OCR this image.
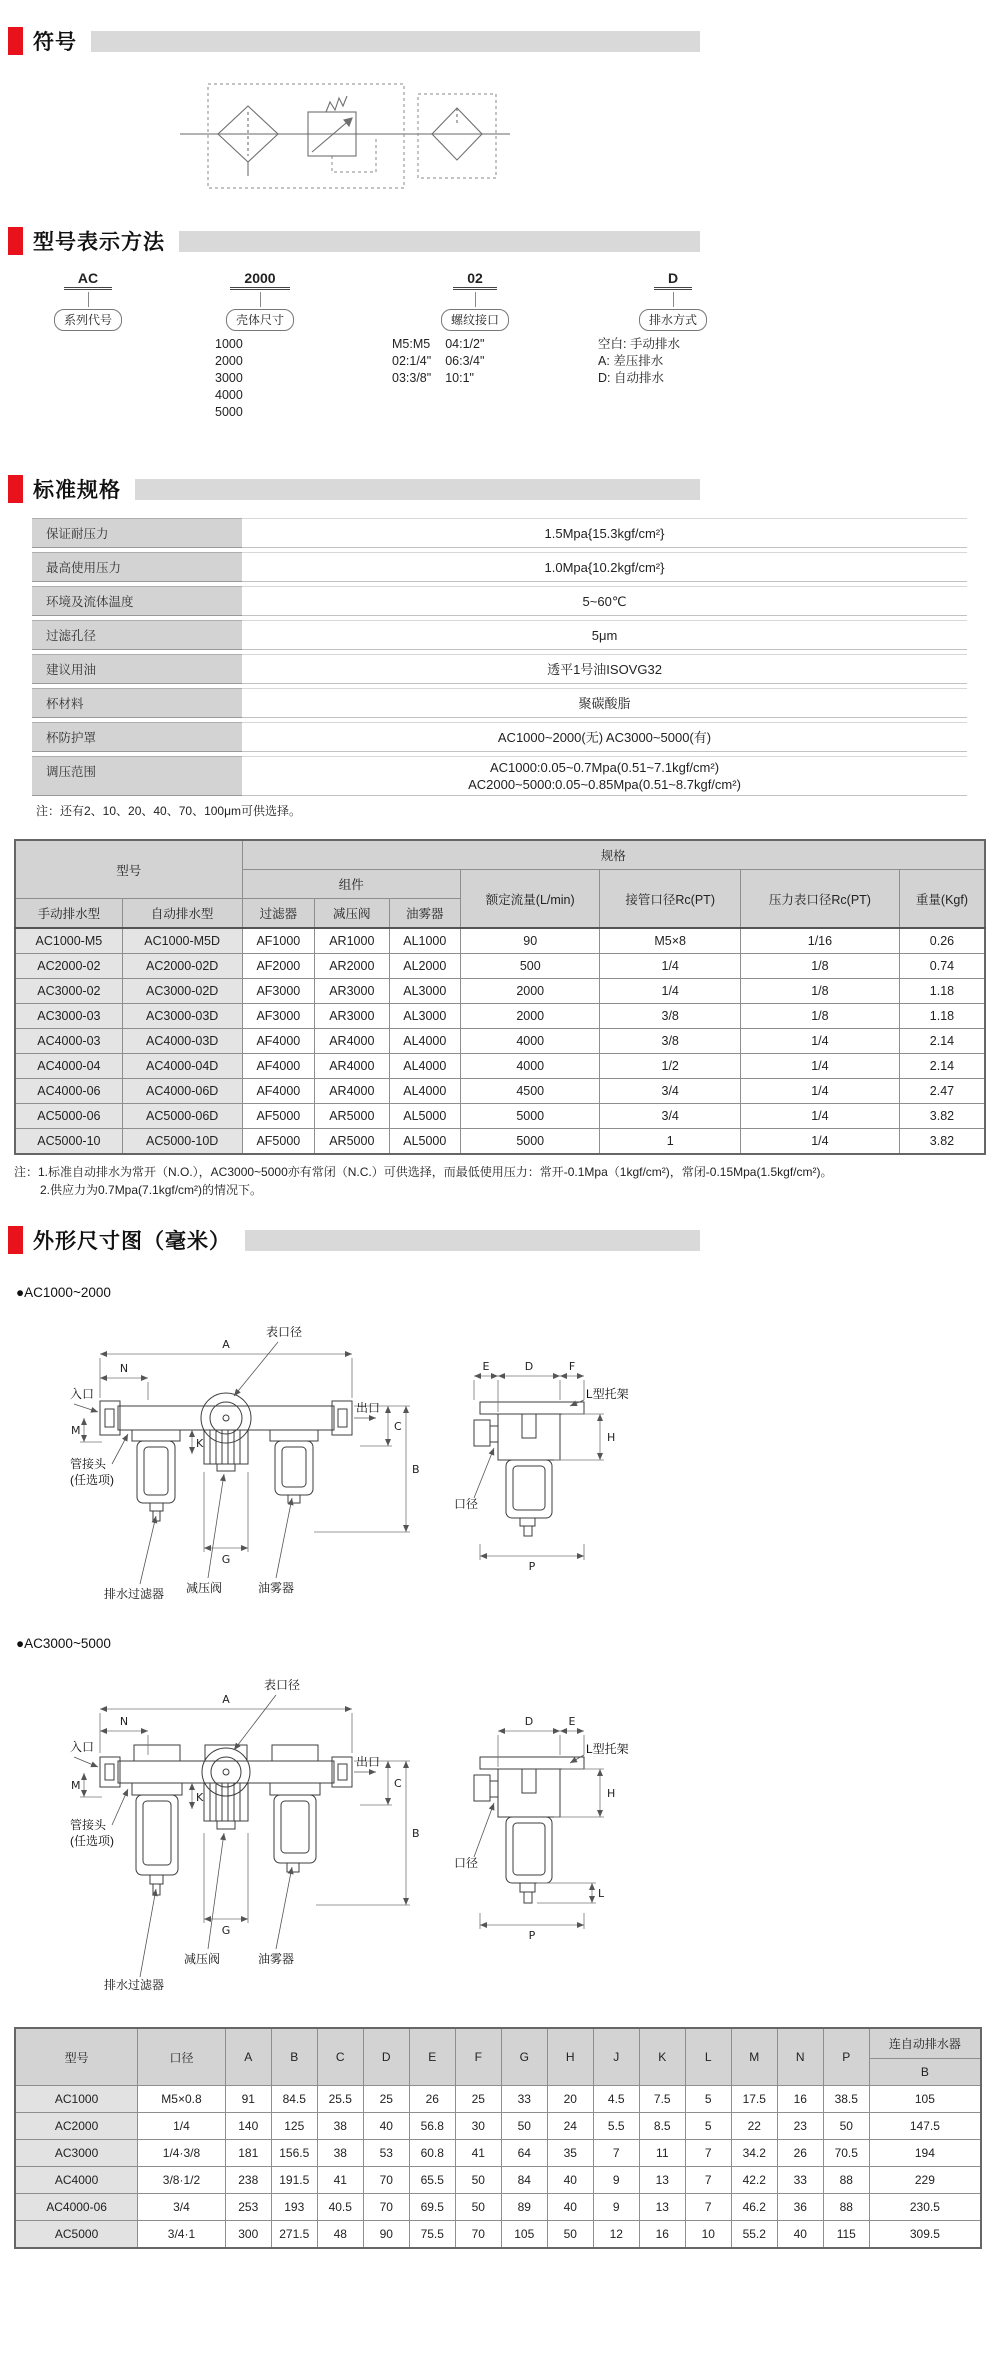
符号
型号表示方法
AC
系列代号
2000
壳体尺寸
1000
2000
3000
4000
5000
02
螺纹接口
M5:M5
02:1/4"
03:3/8"
04:1/2"
06:3/4"
10:1"
D
排水方式
空白: 手动排水
A: 差压排水
D: 自动排水
标准规格
保证耐压力	1.5Mpa{15.3kgf/cm²}
最高使用压力	1.0Mpa{10.2kgf/cm²}
环境及流体温度	5~60℃
过滤孔径	5μm
建议用油	透平1号油ISOVG32
杯材料	聚碳酸脂
杯防护罩	AC1000~2000(无) AC3000~5000(有)
调压范围	AC1000:0.05~0.7Mpa(0.51~7.1kgf/cm²)
AC2000~5000:0.05~0.85Mpa(0.51~8.7kgf/cm²)
注：还有2、10、20、40、70、100μm可供选择。
型号		规格						
		组件			额定流量(L/min)	接管口径Rc(PT)	压力表口径Rc(PT)	重量(Kgf)
手动排水型	自动排水型	过滤器	减压阀	油雾器				
AC1000-M5	AC1000-M5D	AF1000	AR1000	AL1000	90	M5×8	1/16	0.26
AC2000-02	AC2000-02D	AF2000	AR2000	AL2000	500	1/4	1/8	0.74
AC3000-02	AC3000-02D	AF3000	AR3000	AL3000	2000	1/4	1/8	1.18
AC3000-03	AC3000-03D	AF3000	AR3000	AL3000	2000	3/8	1/8	1.18
AC4000-03	AC4000-03D	AF4000	AR4000	AL4000	4000	3/8	1/4	2.14
AC4000-04	AC4000-04D	AF4000	AR4000	AL4000	4000	1/2	1/4	2.14
AC4000-06	AC4000-06D	AF4000	AR4000	AL4000	4500	3/4	1/4	2.47
AC5000-06	AC5000-06D	AF5000	AR5000	AL5000	5000	3/4	1/4	3.82
AC5000-10	AC5000-10D	AF5000	AR5000	AL5000	5000	1	1/4	3.82
注：1.标准自动排水为常开（N.O.），AC3000~5000亦有常闭（N.C.）可供选择，而最低使用压力：常开-0.1Mpa（1kgf/cm²)，常闭-0.15Mpa(1.5kgf/cm²)。
2.供应力为0.7Mpa(7.1kgf/cm²)的情况下。
外形尺寸图（毫米）
●AC1000~2000
A
N
表口径
C
B
M
K
G
入口
出口
管接头
(任选项)
排水过滤器 减压阀	油雾器
E	D	F
L型托架
H
口径
P
●AC3000~5000
A
N
表口径
C
B
M
K
G
入口
出口
管接头
(任选项)
排水过滤器
减压阀	油雾器
D	E
L型托架
H
L
口径
P
型号	口径	A	B	C	D	E	F	G	H	J	K	L	M	N	P	连自动排水器
																B
AC1000	M5×0.8	91	84.5	25.5	25	26	25	33	20	4.5	7.5	5	17.5	16	38.5	105
AC2000	1/4	140	125	38	40	56.8	30	50	24	5.5	8.5	5	22	23	50	147.5
AC3000	1/4·3/8	181	156.5	38	53	60.8	41	64	35	7	11	7	34.2	26	70.5	194
AC4000	3/8·1/2	238	191.5	41	70	65.5	50	84	40	9	13	7	42.2	33	88	229
AC4000-06	3/4	253	193	40.5	70	69.5	50	89	40	9	13	7	46.2	36	88	230.5
AC5000	3/4·1	300	271.5	48	90	75.5	70	105	50	12	16	10	55.2	40	115	309.5
